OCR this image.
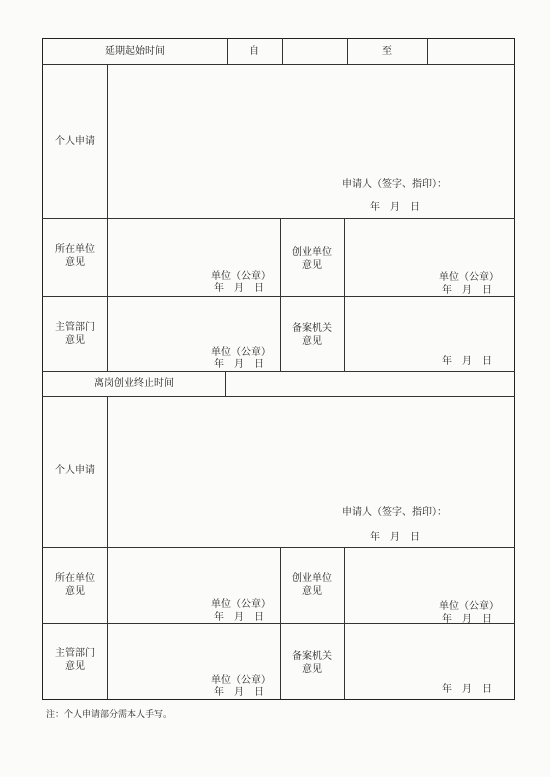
延期起始时间	自	至
个人申请
申请人（签字、指印）：
年　月　日
所在单位
意见
单位（公章）
年　月　日
创业单位
意见
单位（公章）
年　月　日
主管部门
意见
单位（公章）
年　月　日
备案机关
意见
年　月　日
离岗创业终止时间
个人申请
申请人（签字、指印）：
年　月　日
所在单位
意见
单位（公章）
年　月　日
创业单位
意见
单位（公章）
年　月　日
主管部门
意见
单位（公章）
年　月　日
备案机关
意见
年　月　日
注：个人申请部分需本人手写。
